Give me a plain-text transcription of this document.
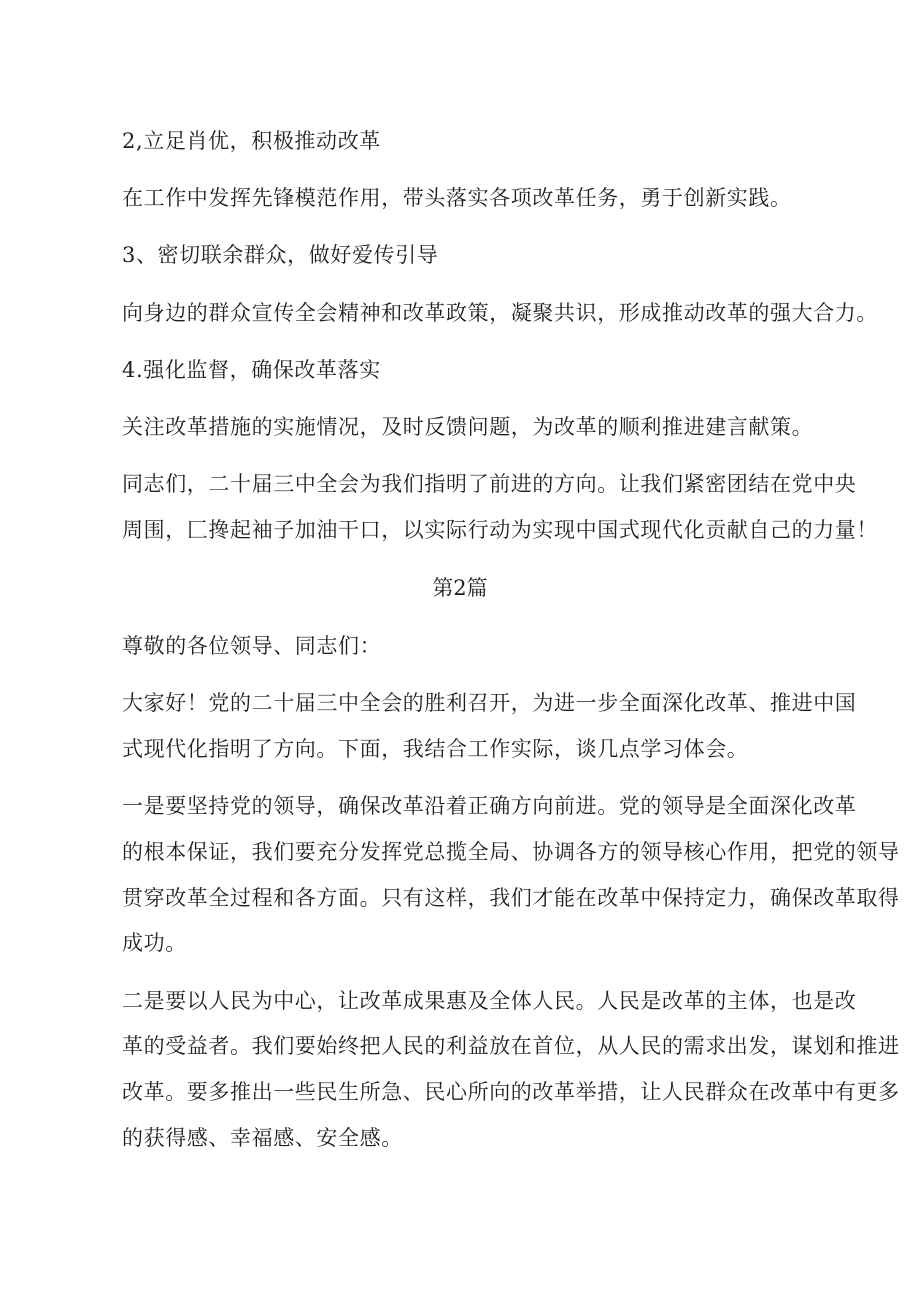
2,立足肖优，积极推动改革
在工作中发挥先锋模范作用，带头落实各项改革任务，勇于创新实践。
3、密切联余群众，做好爱传引导
向身边的群众宣传全会精神和改革政策，凝聚共识，形成推动改革的强大合力。
4.强化监督，确保改革落实
关注改革措施的实施情况，及时反馈问题，为改革的顺利推进建言献策。
同志们，二十届三中全会为我们指明了前进的方向。让我们紧密团结在党中央
周围，匚搀起袖子加油干口，以实际行动为实现中国式现代化贡献自己的力量！
第2篇
尊敬的各位领导、同志们：
大家好！党的二十届三中全会的胜利召开，为进一步全面深化改革、推进中国
式现代化指明了方向。下面，我结合工作实际，谈几点学习体会。
一是要坚持党的领导，确保改革沿着正确方向前进。党的领导是全面深化改革
的根本保证，我们要充分发挥党总揽全局、协调各方的领导核心作用，把党的领导
贯穿改革全过程和各方面。只有这样，我们才能在改革中保持定力，确保改革取得
成功。
二是要以人民为中心，让改革成果惠及全体人民。人民是改革的主体，也是改
革的受益者。我们要始终把人民的利益放在首位，从人民的需求出发，谋划和推进
改革。要多推出一些民生所急、民心所向的改革举措，让人民群众在改革中有更多
的获得感、幸福感、安全感。
